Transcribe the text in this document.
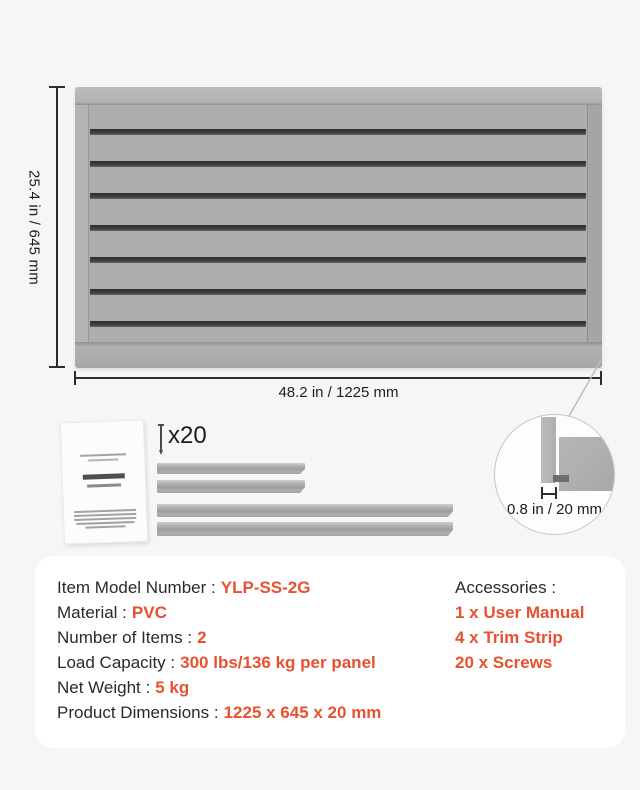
25.4 in / 645 mm
48.2 in / 1225 mm
0.8 in / 20 mm
x20
Item Model Number : YLP-SS-2G
Material : PVC
Number of Items : 2
Load Capacity : 300 lbs/136 kg per panel
Net Weight : 5 kg
Product Dimensions : 1225 x 645 x 20 mm
Accessories :
1 x User Manual
4 x Trim Strip
20 x Screws
